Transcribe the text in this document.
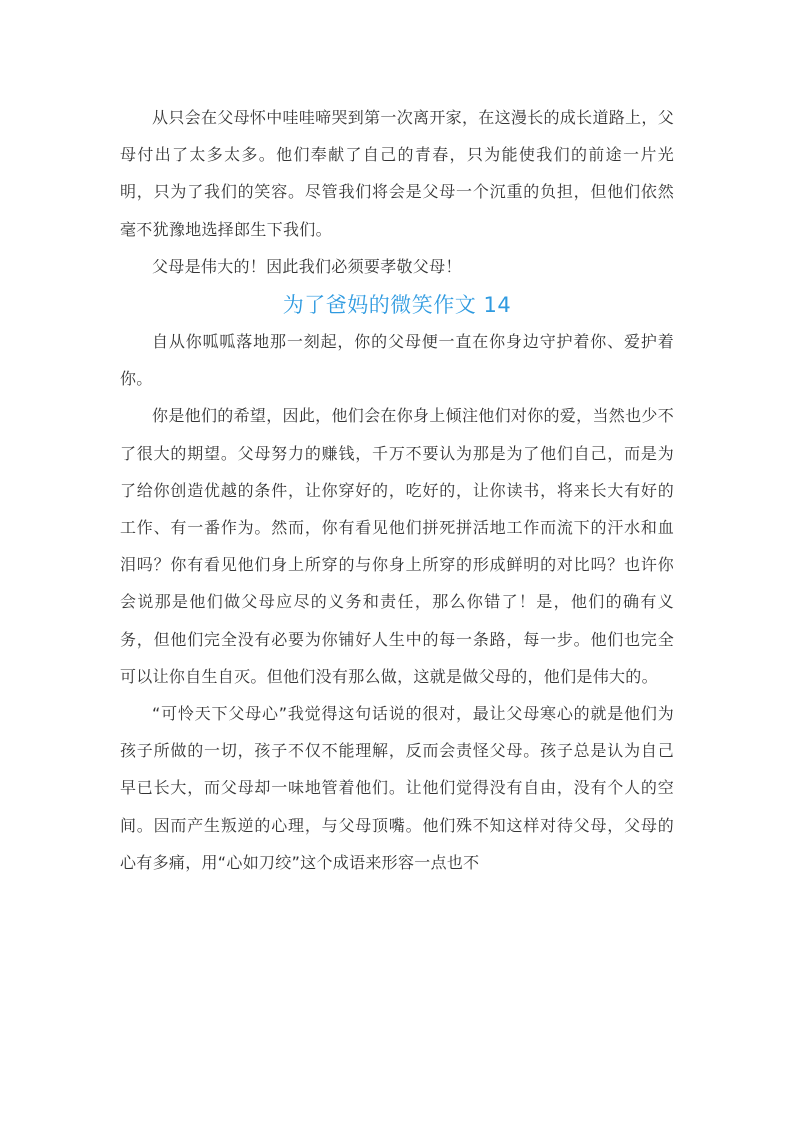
从只会在父母怀中哇哇啼哭到第一次离开家，在这漫长的成长道路上，父母付出了太多太多。他们奉献了自己的青春，只为能使我们的前途一片光明，只为了我们的笑容。尽管我们将会是父母一个沉重的负担，但他们依然毫不犹豫地选择郎生下我们。

父母是伟大的！因此我们必须要孝敬父母！

为了爸妈的微笑作文 14

自从你呱呱落地那一刻起，你的父母便一直在你身边守护着你、爱护着你。

你是他们的希望，因此，他们会在你身上倾注他们对你的爱，当然也少不了很大的期望。父母努力的赚钱，千万不要认为那是为了他们自己，而是为了给你创造优越的条件，让你穿好的，吃好的，让你读书，将来长大有好的工作、有一番作为。然而，你有看见他们拼死拼活地工作而流下的汗水和血泪吗？你有看见他们身上所穿的与你身上所穿的形成鲜明的对比吗？也许你会说那是他们做父母应尽的义务和责任，那么你错了！是，他们的确有义务，但他们完全没有必要为你铺好人生中的每一条路，每一步。他们也完全可以让你自生自灭。但他们没有那么做，这就是做父母的，他们是伟大的。

“可怜天下父母心”我觉得这句话说的很对，最让父母寒心的就是他们为孩子所做的一切，孩子不仅不能理解，反而会责怪父母。孩子总是认为自己早已长大，而父母却一味地管着他们。让他们觉得没有自由，没有个人的空间。因而产生叛逆的心理，与父母顶嘴。他们殊不知这样对待父母，父母的心有多痛，用“心如刀绞”这个成语来形容一点也不
